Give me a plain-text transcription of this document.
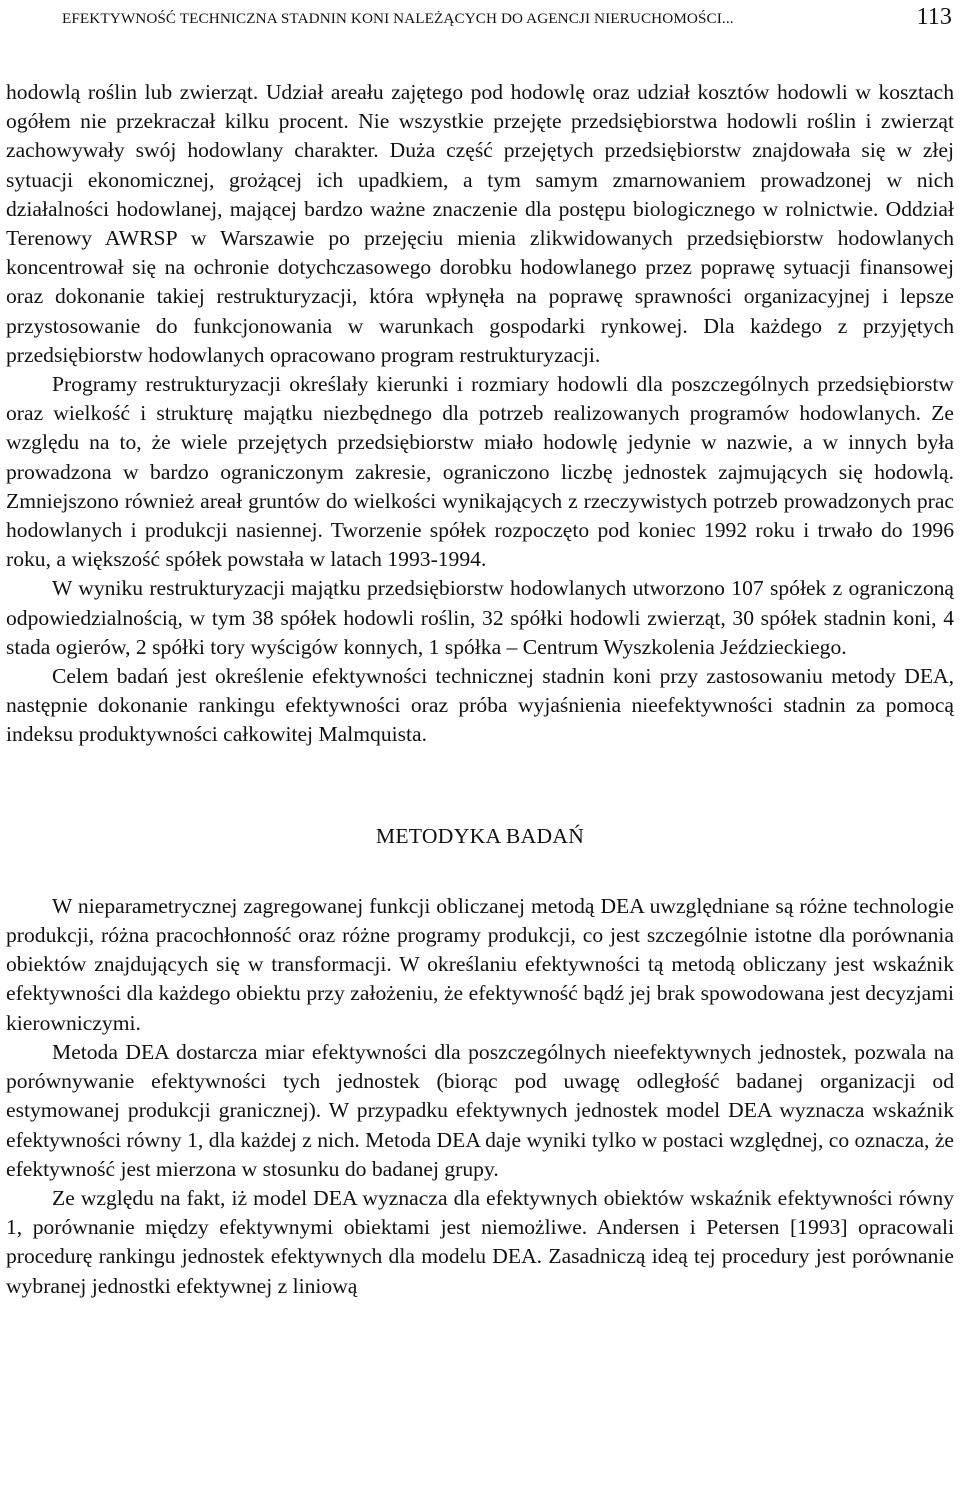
EFEKTYWNOŚĆ TECHNICZNA STADNIN KONI NALEŻĄCYCH DO AGENCJI NIERUCHOMOŚCI...	113

hodowlą roślin lub zwierząt. Udział areału zajętego pod hodowlę oraz udział kosztów hodowli w kosztach ogółem nie przekraczał kilku procent. Nie wszystkie przejęte przedsiębiorstwa hodowli roślin i zwierząt zachowywały swój hodowlany charakter. Duża część przejętych przedsiębiorstw znajdowała się w złej sytuacji ekonomicznej, grożącej ich upadkiem, a tym samym zmarnowaniem prowadzonej w nich działalności hodowlanej, mającej bardzo ważne znaczenie dla postępu biologicznego w rolnictwie. Oddział Terenowy AWRSP w Warszawie po przejęciu mienia zlikwidowanych przedsiębiorstw hodowlanych koncentrował się na ochronie dotychczasowego dorobku hodowlanego przez poprawę sytuacji finansowej oraz dokonanie takiej restrukturyzacji, która wpłynęła na poprawę sprawności organizacyjnej i lepsze przystosowanie do funkcjonowania w warunkach gospodarki rynkowej. Dla każdego z przyjętych przedsiębiorstw hodowlanych opracowano program restrukturyzacji.

Programy restrukturyzacji określały kierunki i rozmiary hodowli dla poszczególnych przedsiębiorstw oraz wielkość i strukturę majątku niezbędnego dla potrzeb realizowanych programów hodowlanych. Ze względu na to, że wiele przejętych przedsiębiorstw miało hodowlę jedynie w nazwie, a w innych była prowadzona w bardzo ograniczonym zakresie, ograniczono liczbę jednostek zajmujących się hodowlą. Zmniejszono również areał gruntów do wielkości wynikających z rzeczywistych potrzeb prowadzonych prac hodowlanych i produkcji nasiennej. Tworzenie spółek rozpoczęto pod koniec 1992 roku i trwało do 1996 roku, a większość spółek powstała w latach 1993-1994.

W wyniku restrukturyzacji majątku przedsiębiorstw hodowlanych utworzono 107 spółek z ograniczoną odpowiedzialnością, w tym 38 spółek hodowli roślin, 32 spółki hodowli zwierząt, 30 spółek stadnin koni, 4 stada ogierów, 2 spółki tory wyścigów konnych, 1 spółka – Centrum Wyszkolenia Jeździeckiego.

Celem badań jest określenie efektywności technicznej stadnin koni przy zastosowaniu metody DEA, następnie dokonanie rankingu efektywności oraz próba wyjaśnienia nieefektywności stadnin za pomocą indeksu produktywności całkowitej Malmquista.

METODYKA BADAŃ

W nieparametrycznej zagregowanej funkcji obliczanej metodą DEA uwzględniane są różne technologie produkcji, różna pracochłonność oraz różne programy produkcji, co jest szczególnie istotne dla porównania obiektów znajdujących się w transformacji. W określaniu efektywności tą metodą obliczany jest wskaźnik efektywności dla każdego obiektu przy założeniu, że efektywność bądź jej brak spowodowana jest decyzjami kierowniczymi.

Metoda DEA dostarcza miar efektywności dla poszczególnych nieefektywnych jednostek, pozwala na porównywanie efektywności tych jednostek (biorąc pod uwagę odległość badanej organizacji od estymowanej produkcji granicznej). W przypadku efektywnych jednostek model DEA wyznacza wskaźnik efektywności równy 1, dla każdej z nich. Metoda DEA daje wyniki tylko w postaci względnej, co oznacza, że efektywność jest mierzona w stosunku do badanej grupy.

Ze względu na fakt, iż model DEA wyznacza dla efektywnych obiektów wskaźnik efektywności równy 1, porównanie między efektywnymi obiektami jest niemożliwe. Andersen i Petersen [1993] opracowali procedurę rankingu jednostek efektywnych dla modelu DEA. Zasadniczą ideą tej procedury jest porównanie wybranej jednostki efektywnej z liniową
